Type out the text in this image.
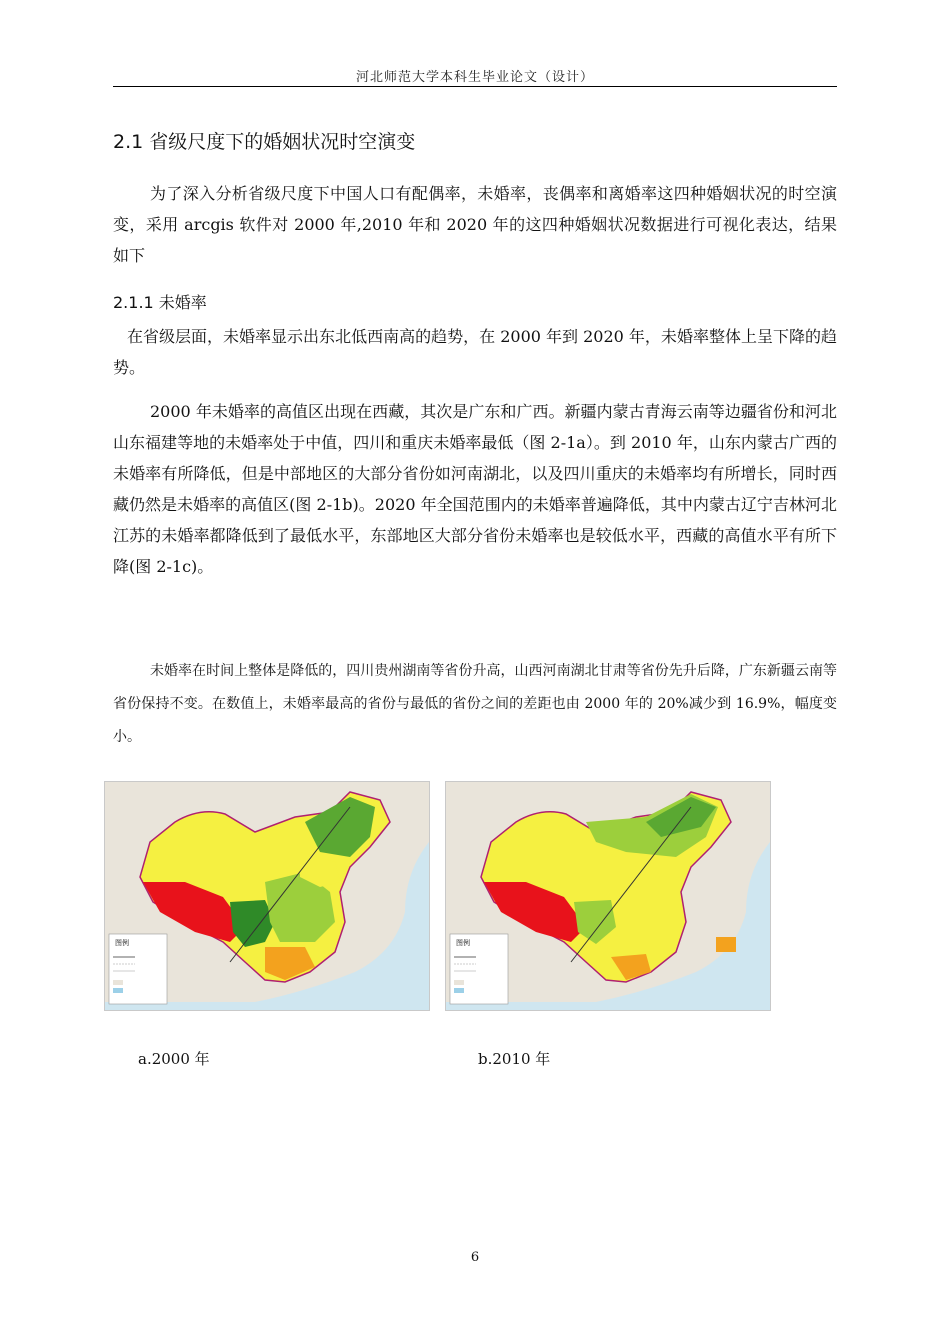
河北师范大学本科生毕业论文（设计）
2.1 省级尺度下的婚姻状况时空演变

为了深入分析省级尺度下中国人口有配偶率，未婚率，丧偶率和离婚率这四种婚姻状况的时空演变，采用 arcgis 软件对 2000 年,2010 年和 2020 年的这四种婚姻状况数据进行可视化表达，结果如下

2.1.1 未婚率

在省级层面，未婚率显示出东北低西南高的趋势，在 2000 年到 2020 年，未婚率整体上呈下降的趋势。

2000 年未婚率的高值区出现在西藏，其次是广东和广西。新疆内蒙古青海云南等边疆省份和河北山东福建等地的未婚率处于中值，四川和重庆未婚率最低（图 2-1a）。到 2010 年，山东内蒙古广西的未婚率有所降低，但是中部地区的大部分省份如河南湖北，以及四川重庆的未婚率均有所增长，同时西藏仍然是未婚率的高值区(图 2-1b)。2020 年全国范围内的未婚率普遍降低，其中内蒙古辽宁吉林河北江苏的未婚率都降低到了最低水平，东部地区大部分省份未婚率也是较低水平，西藏的高值水平有所下降(图 2-1c)。

未婚率在时间上整体是降低的，四川贵州湖南等省份升高，山西河南湖北甘肃等省份先升后降，广东新疆云南等省份保持不变。在数值上，未婚率最高的省份与最低的省份之间的差距也由 2000 年的 20%减少到 16.9%，幅度变小。

图例	图例
a.2000 年	b.2010 年
6
